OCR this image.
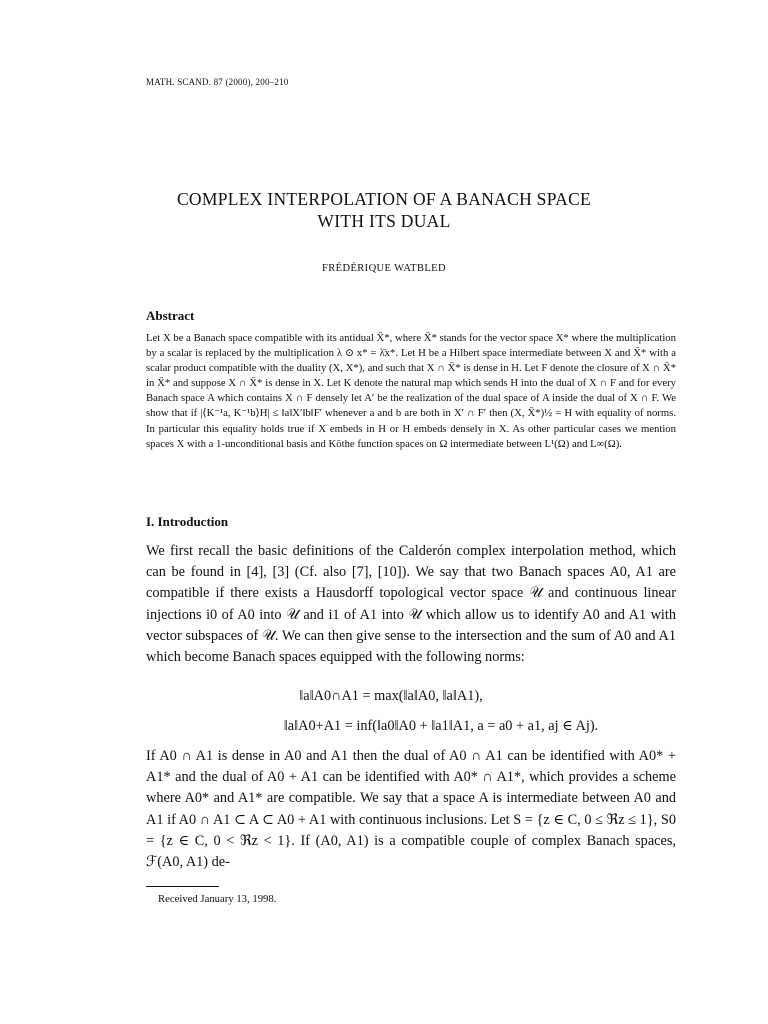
MATH. SCAND. 87 (2000), 200–210
COMPLEX INTERPOLATION OF A BANACH SPACE
WITH ITS DUAL
FRÉDÉRIQUE WATBLED
Abstract

Let X be a Banach space compatible with its antidual X̄*, where X̄* stands for the vector space X* where the multiplication by a scalar is replaced by the multiplication λ ⊙ x* = λ̄x*. Let H be a Hilbert space intermediate between X and X̄* with a scalar product compatible with the duality (X, X*), and such that X ∩ X̄* is dense in H. Let F denote the closure of X ∩ X̄* in X̄* and suppose X ∩ X̄* is dense in X. Let K denote the natural map which sends H into the dual of X ∩ F and for every Banach space A which contains X ∩ F densely let A′ be the realization of the dual space of A inside the dual of X ∩ F. We show that if |⟨K⁻¹a, K⁻¹b⟩H| ≤ ‖a‖X′‖b‖F′ whenever a and b are both in X′ ∩ F′ then (X, X̄*)½ = H with equality of norms. In particular this equality holds true if X embeds in H or H embeds densely in X. As other particular cases we mention spaces X with a 1-unconditional basis and Köthe function spaces on Ω intermediate between L¹(Ω) and L∞(Ω).

I. Introduction

We first recall the basic definitions of the Calderón complex interpolation method, which can be found in [4], [3] (Cf. also [7], [10]). We say that two Banach spaces A0, A1 are compatible if there exists a Hausdorff topological vector space 𝒰 and continuous linear injections i0 of A0 into 𝒰 and i1 of A1 into 𝒰 which allow us to identify A0 and A1 with vector subspaces of 𝒰. We can then give sense to the intersection and the sum of A0 and A1 which become Banach spaces equipped with the following norms:

‖a‖A0∩A1 = max(‖a‖A0, ‖a‖A1),
‖a‖A0+A1 = inf(‖a0‖A0 + ‖a1‖A1, a = a0 + a1, aj ∈ Aj).

If A0 ∩ A1 is dense in A0 and A1 then the dual of A0 ∩ A1 can be identified with A0* + A1* and the dual of A0 + A1 can be identified with A0* ∩ A1*, which provides a scheme where A0* and A1* are compatible. We say that a space A is intermediate between A0 and A1 if A0 ∩ A1 ⊂ A ⊂ A0 + A1 with continuous inclusions. Let S = {z ∈ C, 0 ≤ ℜz ≤ 1}, S0 = {z ∈ C, 0 < ℜz < 1}. If (A0, A1) is a compatible couple of complex Banach spaces, ℱ(A0, A1) de-

Received January 13, 1998.
